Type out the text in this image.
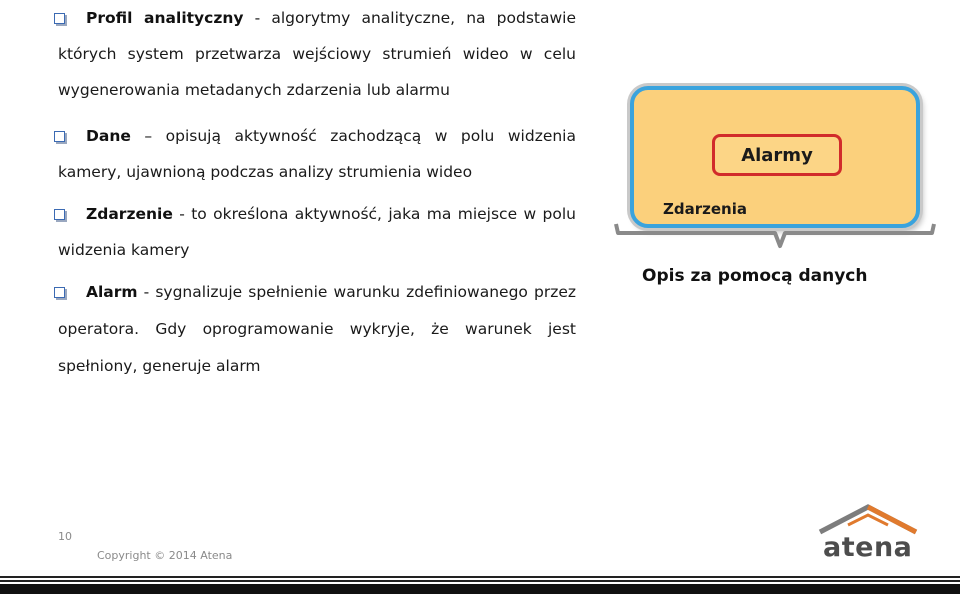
Profil analityczny - algorytmy analityczne, na podstawie których system przetwarza wejściowy strumień wideo w celu wygenerowania metadanych zdarzenia lub alarmu
Dane – opisują aktywność zachodzącą w polu widzenia kamery, ujawnioną podczas analizy strumienia wideo
Zdarzenie - to określona aktywność, jaka ma miejsce w polu widzenia kamery
Alarm - sygnalizuje spełnienie warunku zdefiniowanego przez operatora. Gdy oprogramowanie wykryje, że warunek jest spełniony, generuje alarm
Alarmy
Zdarzenia
Opis za pomocą danych
10
Copyright © 2014 Atena	atena
